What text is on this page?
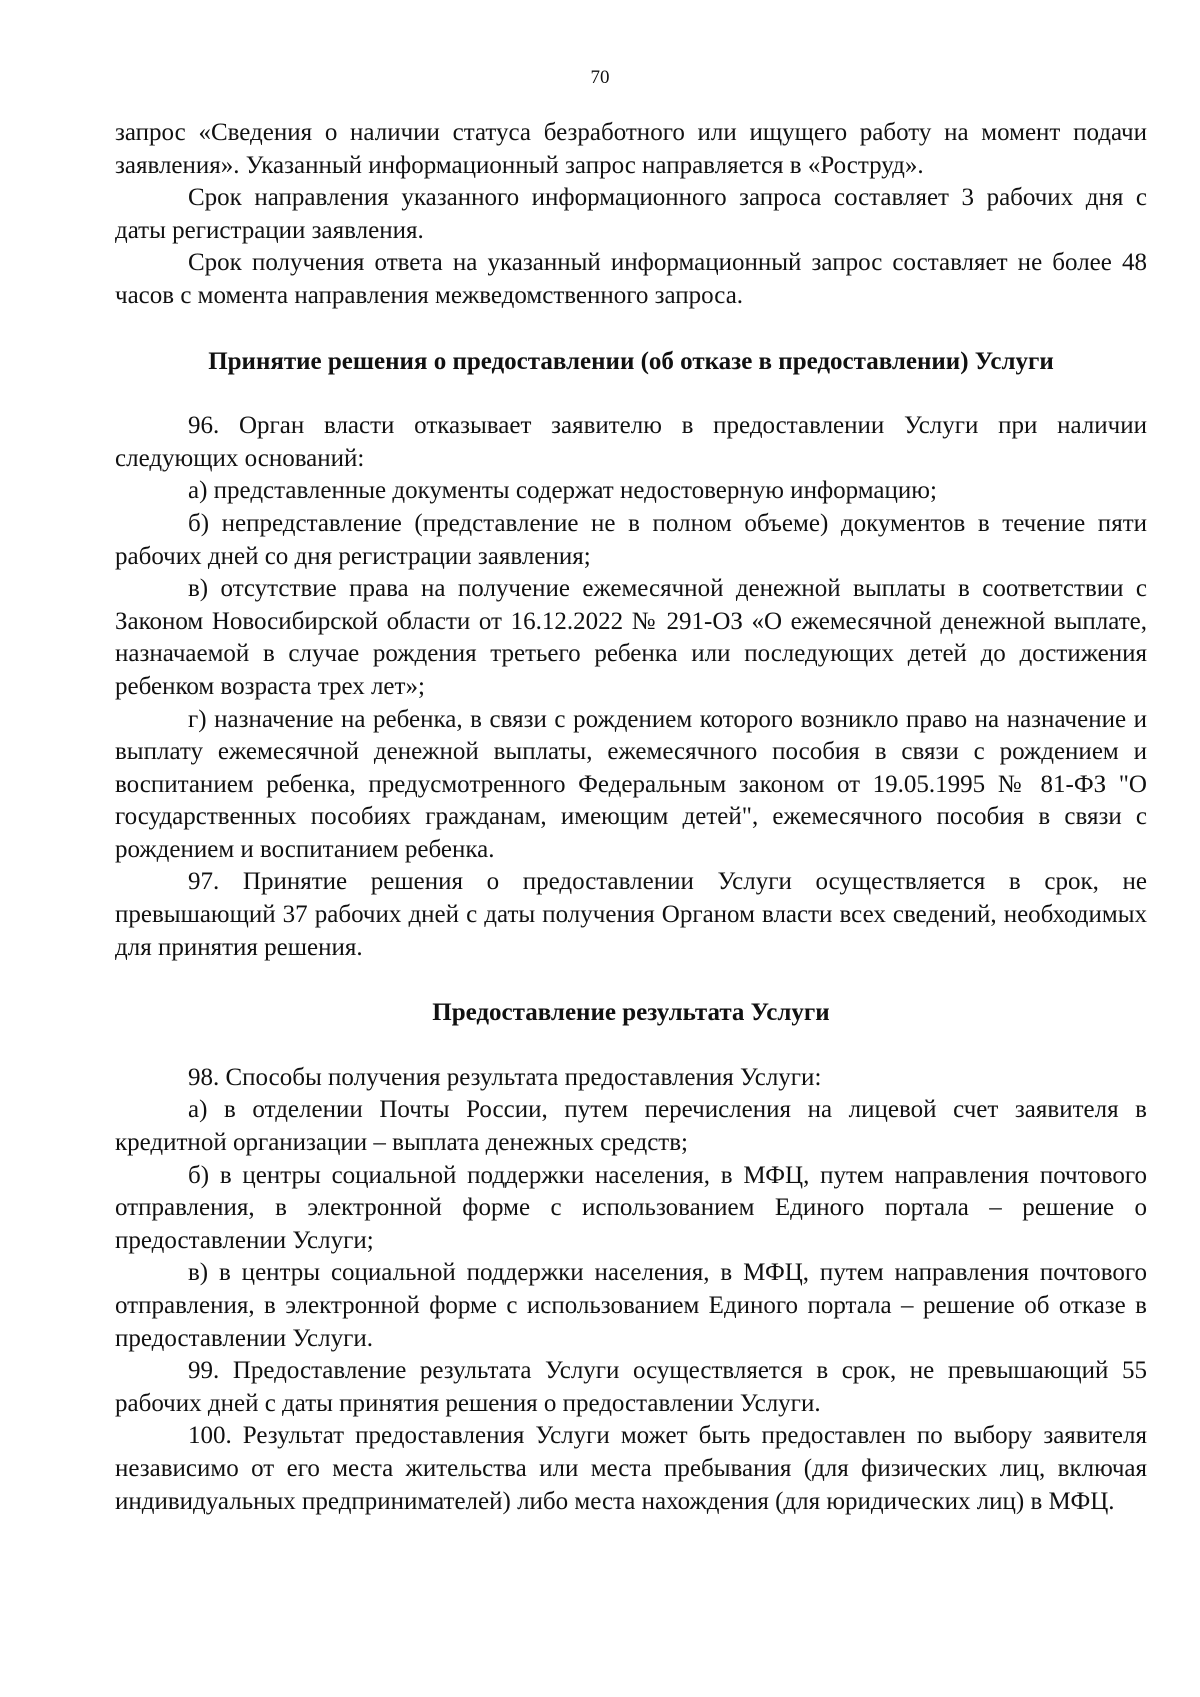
70

запрос «Сведения о наличии статуса безработного или ищущего работу на момент подачи заявления». Указанный информационный запрос направляется в «Роструд».

Срок направления указанного информационного запроса составляет 3 рабочих дня с даты регистрации заявления.

Срок получения ответа на указанный информационный запрос составляет не более 48 часов с момента направления межведомственного запроса.

Принятие решения о предоставлении (об отказе в предоставлении) Услуги

96. Орган власти отказывает заявителю в предоставлении Услуги при наличии следующих оснований:

а) представленные документы содержат недостоверную информацию;

б) непредставление (представление не в полном объеме) документов в течение пяти рабочих дней со дня регистрации заявления;

в) отсутствие права на получение ежемесячной денежной выплаты в соответствии с Законом Новосибирской области от 16.12.2022 № 291-ОЗ «О ежемесячной денежной выплате, назначаемой в случае рождения третьего ребенка или последующих детей до достижения ребенком возраста трех лет»;

г) назначение на ребенка, в связи с рождением которого возникло право на назначение и выплату ежемесячной денежной выплаты, ежемесячного пособия в связи с рождением и воспитанием ребенка, предусмотренного Федеральным законом от 19.05.1995 № 81-ФЗ "О государственных пособиях гражданам, имеющим детей", ежемесячного пособия в связи с рождением и воспитанием ребенка.

97. Принятие решения о предоставлении Услуги осуществляется в срок, не превышающий 37 рабочих дней с даты получения Органом власти всех сведений, необходимых для принятия решения.

Предоставление результата Услуги

98. Способы получения результата предоставления Услуги:

а) в отделении Почты России, путем перечисления на лицевой счет заявителя в кредитной организации – выплата денежных средств;

б) в центры социальной поддержки населения, в МФЦ, путем направления почтового отправления, в электронной форме с использованием Единого портала – решение о предоставлении Услуги;

в) в центры социальной поддержки населения, в МФЦ, путем направления почтового отправления, в электронной форме с использованием Единого портала – решение об отказе в предоставлении Услуги.

99. Предоставление результата Услуги осуществляется в срок, не превышающий 55 рабочих дней с даты принятия решения о предоставлении Услуги.

100. Результат предоставления Услуги может быть предоставлен по выбору заявителя независимо от его места жительства или места пребывания (для физических лиц, включая индивидуальных предпринимателей) либо места нахождения (для юридических лиц) в МФЦ.
